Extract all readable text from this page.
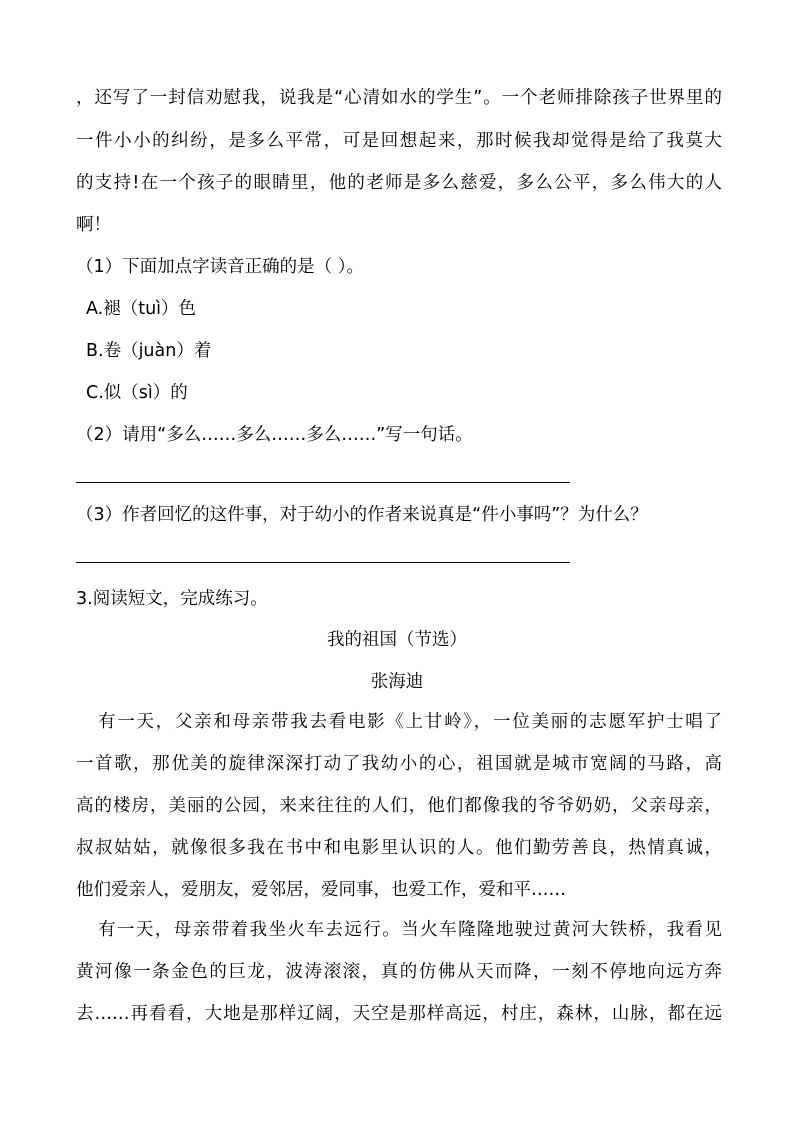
，还写了一封信劝慰我，说我是“心清如水的学生”。一个老师排除孩子世界里的
一件小小的纠纷，是多么平常，可是回想起来，那时候我却觉得是给了我莫大
的支持!在一个孩子的眼睛里，他的老师是多么慈爱，多么公平，多么伟大的人
啊！
（1）下面加点字读音正确的是（ ）。
A.褪（tuì）色
B.卷（juàn）着
C.似（sì）的
（2）请用“多么……多么……多么……”写一句话。
（3）作者回忆的这件事，对于幼小的作者来说真是“件小事吗”？为什么？
3.阅读短文，完成练习。
我的祖国（节选）
张海迪
有一天，父亲和母亲带我去看电影《上甘岭》，一位美丽的志愿军护士唱了
一首歌，那优美的旋律深深打动了我幼小的心，祖国就是城市宽阔的马路，高
高的楼房，美丽的公园，来来往往的人们，他们都像我的爷爷奶奶，父亲母亲，
叔叔姑姑，就像很多我在书中和电影里认识的人。他们勤劳善良，热情真诚，
他们爱亲人，爱朋友，爱邻居，爱同事，也爱工作，爱和平……
有一天，母亲带着我坐火车去远行。当火车隆隆地驶过黄河大铁桥，我看见
黄河像一条金色的巨龙，波涛滚滚，真的仿佛从天而降，一刻不停地向远方奔
去……再看看，大地是那样辽阔，天空是那样高远，村庄，森林，山脉，都在远
